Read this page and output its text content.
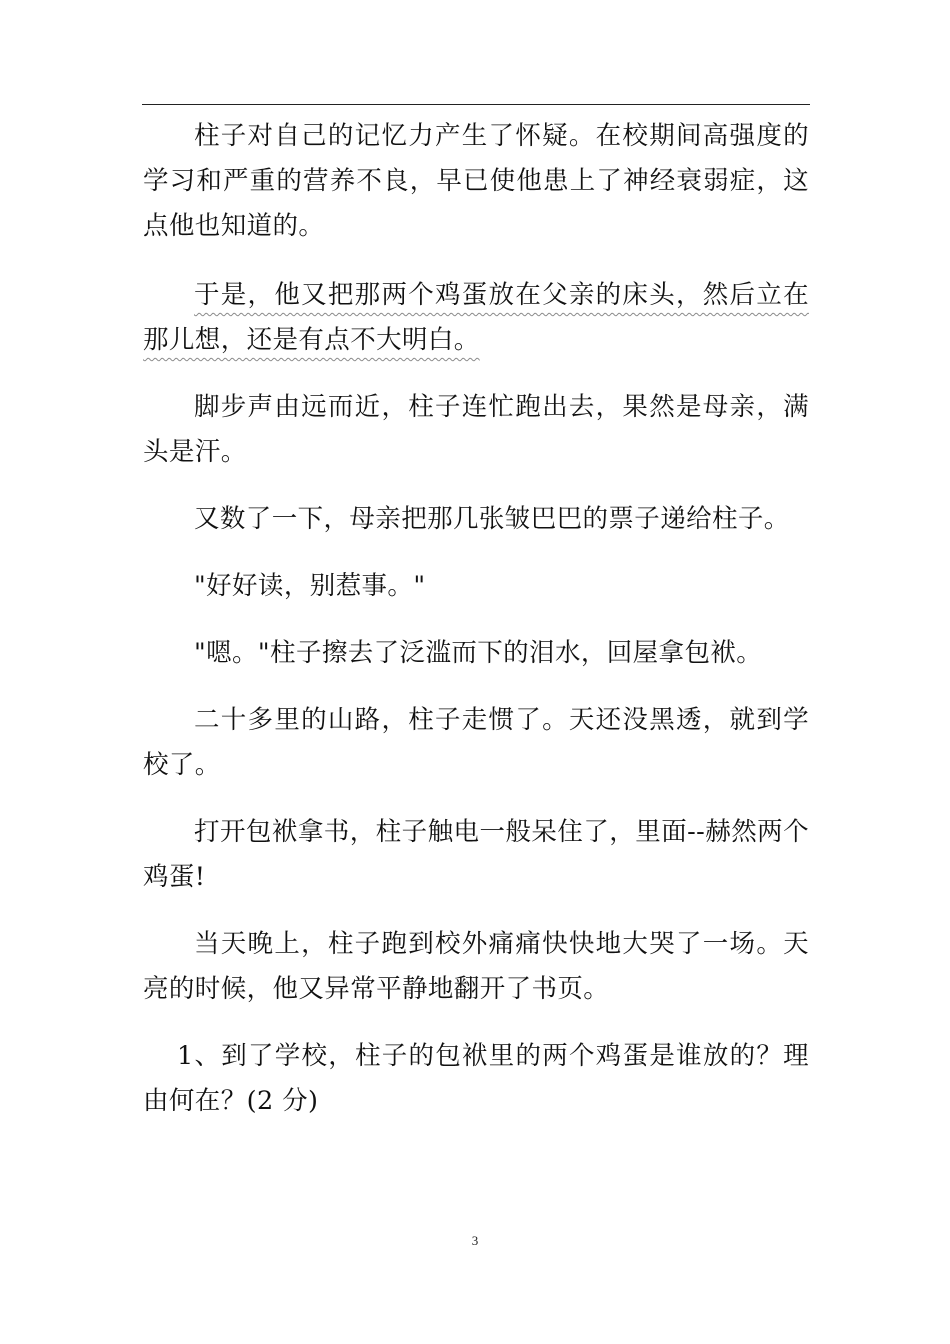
柱子对自己的记忆力产生了怀疑。在校期间高强度的学习和严重的营养不良，早已使他患上了神经衰弱症，这点他也知道的。

于是，他又把那两个鸡蛋放在父亲的床头，然后立在那儿想，还是有点不大明白。

脚步声由远而近，柱子连忙跑出去，果然是母亲，满头是汗。

又数了一下，母亲把那几张皱巴巴的票子递给柱子。

"好好读，别惹事。"

"嗯。"柱子擦去了泛滥而下的泪水，回屋拿包袱。

二十多里的山路，柱子走惯了。天还没黑透，就到学校了。

打开包袱拿书，柱子触电一般呆住了，里面--赫然两个鸡蛋!

当天晚上，柱子跑到校外痛痛快快地大哭了一场。天亮的时候，他又异常平静地翻开了书页。

1、到了学校，柱子的包袱里的两个鸡蛋是谁放的？理由何在？(2 分)

3
